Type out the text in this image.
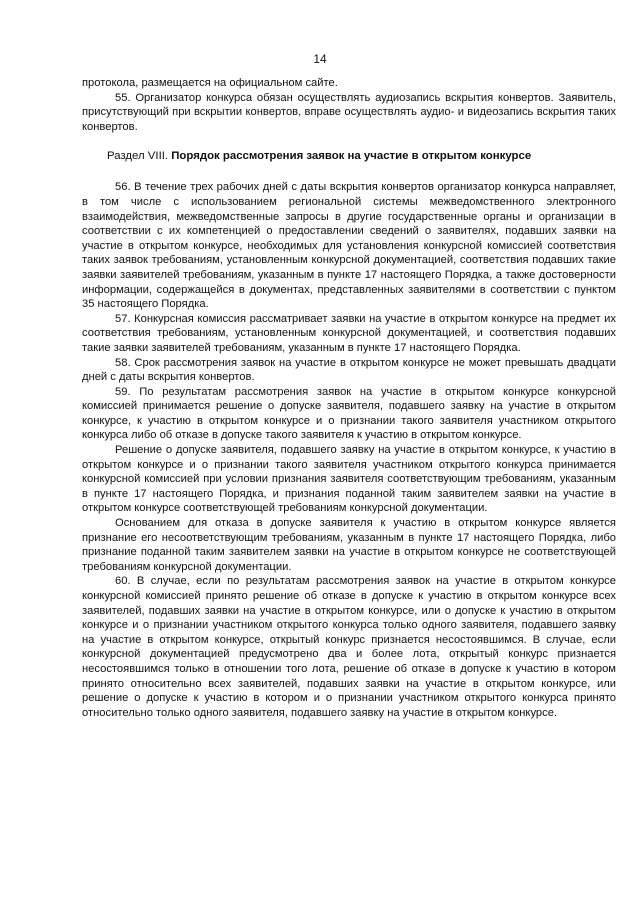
14

протокола, размещается на официальном сайте.

55. Организатор конкурса обязан осуществлять аудиозапись вскрытия конвертов. Заявитель, присутствующий при вскрытии конвертов, вправе осуществлять аудио- и видеозапись вскрытия таких конвертов.

Раздел VIII. Порядок рассмотрения заявок на участие в открытом конкурсе

56. В течение трех рабочих дней с даты вскрытия конвертов организатор конкурса направляет, в том числе с использованием региональной системы межведомственного электронного взаимодействия, межведомственные запросы в другие государственные органы и организации в соответствии с их компетенцией о предоставлении сведений о заявителях, подавших заявки на участие в открытом конкурсе, необходимых для установления конкурсной комиссией соответствия таких заявок требованиям, установленным конкурсной документацией, соответствия подавших такие заявки заявителей требованиям, указанным в пункте 17 настоящего Порядка, а также достоверности информации, содержащейся в документах, представленных заявителями в соответствии с пунктом 35 настоящего Порядка.

57. Конкурсная комиссия рассматривает заявки на участие в открытом конкурсе на предмет их соответствия требованиям, установленным конкурсной документацией, и соответствия подавших такие заявки заявителей требованиям, указанным в пункте 17 настоящего Порядка.

58. Срок рассмотрения заявок на участие в открытом конкурсе не может превышать двадцати дней с даты вскрытия конвертов.

59. По результатам рассмотрения заявок на участие в открытом конкурсе конкурсной комиссией принимается решение о допуске заявителя, подавшего заявку на участие в открытом конкурсе, к участию в открытом конкурсе и о признании такого заявителя участником открытого конкурса либо об отказе в допуске такого заявителя к участию в открытом конкурсе.

Решение о допуске заявителя, подавшего заявку на участие в открытом конкурсе, к участию в открытом конкурсе и о признании такого заявителя участником открытого конкурса принимается конкурсной комиссией при условии признания заявителя соответствующим требованиям, указанным в пункте 17 настоящего Порядка, и признания поданной таким заявителем заявки на участие в открытом конкурсе соответствующей требованиям конкурсной документации.

Основанием для отказа в допуске заявителя к участию в открытом конкурсе является признание его несоответствующим требованиям, указанным в пункте 17 настоящего Порядка, либо признание поданной таким заявителем заявки на участие в открытом конкурсе не соответствующей требованиям конкурсной документации.

60. В случае, если по результатам рассмотрения заявок на участие в открытом конкурсе конкурсной комиссией принято решение об отказе в допуске к участию в открытом конкурсе всех заявителей, подавших заявки на участие в открытом конкурсе, или о допуске к участию в открытом конкурсе и о признании участником открытого конкурса только одного заявителя, подавшего заявку на участие в открытом конкурсе, открытый конкурс признается несостоявшимся. В случае, если конкурсной документацией предусмотрено два и более лота, открытый конкурс признается несостоявшимся только в отношении того лота, решение об отказе в допуске к участию в котором принято относительно всех заявителей, подавших заявки на участие в открытом конкурсе, или решение о допуске к участию в котором и о признании участником открытого конкурса принято относительно только одного заявителя, подавшего заявку на участие в открытом конкурсе.
